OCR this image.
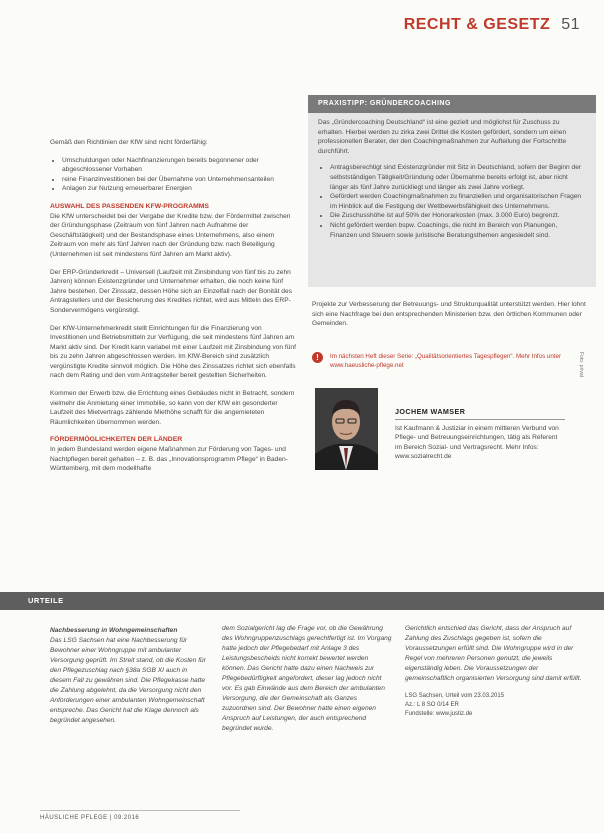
RECHT & GESETZ 51

Gemäß den Richtlinien der KfW sind nicht förderfähig:

• Umschuldungen oder Nachfinanzierungen bereits begonnener oder abgeschlossener Vorhaben
• reine Finanzinvestitionen bei der Übernahme von Unternehmensanteilen
• Anlagen zur Nutzung erneuerbarer Energien
AUSWAHL DES PASSENDEN KFW-PROGRAMMS

Die KfW unterscheidet bei der Vergabe der Kredite bzw. der Fördermittel zwischen der Gründungsphase (Zeitraum von fünf Jahren nach Aufnahme der Geschäftstätigkeit) und der Bestandsphase eines Unternehmens, also einem Zeitraum von mehr als fünf Jahren nach der Gründung bzw. nach Beteiligung (Unternehmen ist seit mindestens fünf Jahren am Markt aktiv).

Der ERP-Gründerkredit – Universell (Laufzeit mit Zinsbindung von fünf bis zu zehn Jahren) können Existenzgründer und Unternehmer erhalten, die noch keine fünf Jahre bestehen. Der Zinssatz, dessen Höhe sich an Einzelfall nach der Bonität des Antragstellers und der Besicherung des Kredites richtet, wird aus Mitteln des ERP-Sondervermögens vergünstigt.

Der KfW-Unternehmerkredit stellt Einrichtungen für die Finanzierung von Investitionen und Betriebsmitteln zur Verfügung, die seit mindestens fünf Jahren am Markt aktiv sind. Der Kredit kann variabel mit einer Laufzeit mit Zinsbindung von fünf bis zu zehn Jahren abgeschlossen werden. Im KfW-Bereich sind zusätzlich vergünstigte Kredite sinnvoll möglich. Die Höhe des Zinssatzes richtet sich ebenfalls nach dem Rating und den vom Antragsteller bereit gestellten Sicherheiten.

Kommen der Erwerb bzw. die Errichtung eines Gebäudes nicht in Betracht, sondern vielmehr die Anmietung einer Immobilie, so kann von der KfW ein gesonderter Laufzeit des Mietvertrags zählende Miethöhe schafft für die angemieteten Räumlichkeiten übernommen werden.

FÖRDERMÖGLICHKEITEN DER LÄNDER

In jedem Bundesland werden eigene Maßnahmen zur Förderung von Tages- und Nachtpflegen bereit gehalten – z. B. das „Innovationsprogramm Pflege“ in Baden-Württemberg, mit dem modellhafte

PRAXISTIPP: GRÜNDERCOACHING

Das „Gründercoaching Deutschland“ ist eine gezielt und möglichst für Zuschuss zu erhalten. Hierbei werden zu zirka zwei Drittel die Kosten gefördert, sondern um einen professionellen Berater, der den Coachingmaßnahmen zur Aufteilung der Fortschritte durchführt.

• Antragsberechtigt sind Existenzgründer mit Sitz in Deutschland, sofern der Beginn der selbstständigen Tätigkeit/Gründung oder Übernahme bereits erfolgt ist, aber nicht länger als fünf Jahre zurückliegt und länger als zwei Jahre vorliegt.
• Gefördert werden Coachingmaßnahmen zu finanziellen und organisatorischen Fragen im Hinblick auf die Festigung der Wettbewerbsfähigkeit des Unternehmens.
• Die Zuschusshöhe ist auf 50% der Honorarkosten (max. 3.000 Euro) begrenzt.
• Nicht gefördert werden bspw. Coachings, die nicht im Bereich von Planungen, Finanzen und Steuern sowie juristische Beratungsthemen angesiedelt sind.
Projekte zur Verbesserung der Betreuungs- und Strukturqualität unterstützt werden. Hier lohnt sich eine Nachfrage bei den entsprechenden Ministerien bzw. den örtlichen Kommunen oder Gemeinden.
!	Im nächsten Heft dieser Serie: „Qualitätsorientiertes Tagespflegen“. Mehr Infos unter www.haeusliche-pflege.net	Foto: privat
JOCHEM WAMSER
Ist Kaufmann & Justiziar in einem mittleren Verbund von Pflege- und Betreuungseinrichtungen, tätig als Referent im Bereich Sozial- und Vertragsrecht. Mehr Infos: www.sozialrecht.de
URTEILE
Nachbesserung in Wohngemeinschaften
Das LSG Sachsen hat eine Nachbesserung für Bewohner einer Wohngruppe mit ambulanter Versorgung geprüft. Im Streit stand, ob die Kosten für den Pflegezuschlag nach §38a SGB XI auch in diesem Fall zu gewähren sind. Die Pflegekasse hatte die Zahlung abgelehnt, da die Versorgung nicht den Anforderungen einer ambulanten Wohngemeinschaft entspreche. Das Gericht hat die Klage dennoch als begründet angesehen.
dem Sozialgericht lag die Frage vor, ob die Gewährung des Wohngruppenzuschlags gerechtfertigt ist. Im Vorgang hatte jedoch der Pflegebedarf mit Anlage 3 des Leistungsbescheids nicht korrekt bewertet werden können. Das Gericht hatte dazu einen Nachweis zur Pflegebedürftigkeit angefordert, dieser lag jedoch nicht vor. Es gab Einwände aus dem Bereich der ambulanten Versorgung, die der Gemeinschaft als Ganzes zuzuordnen sind. Der Bewohner hatte einen eigenen Anspruch auf Leistungen, der auch entsprechend begründet wurde.
Gerichtlich entschied das Gericht, dass der Anspruch auf Zahlung des Zuschlags gegeben ist, sofern die Voraussetzungen erfüllt sind. Die Wohngruppe wird in der Regel von mehreren Personen genutzt, die jeweils eigenständig leben. Die Voraussetzungen der gemeinschaftlich organisierten Versorgung sind damit erfüllt.
LSG Sachsen, Urteil vom 23.03.2015
Az.: L 8 SO 0/14 ER
Fundstelle: www.justiz.de
HÄUSLICHE PFLEGE | 09.2016
